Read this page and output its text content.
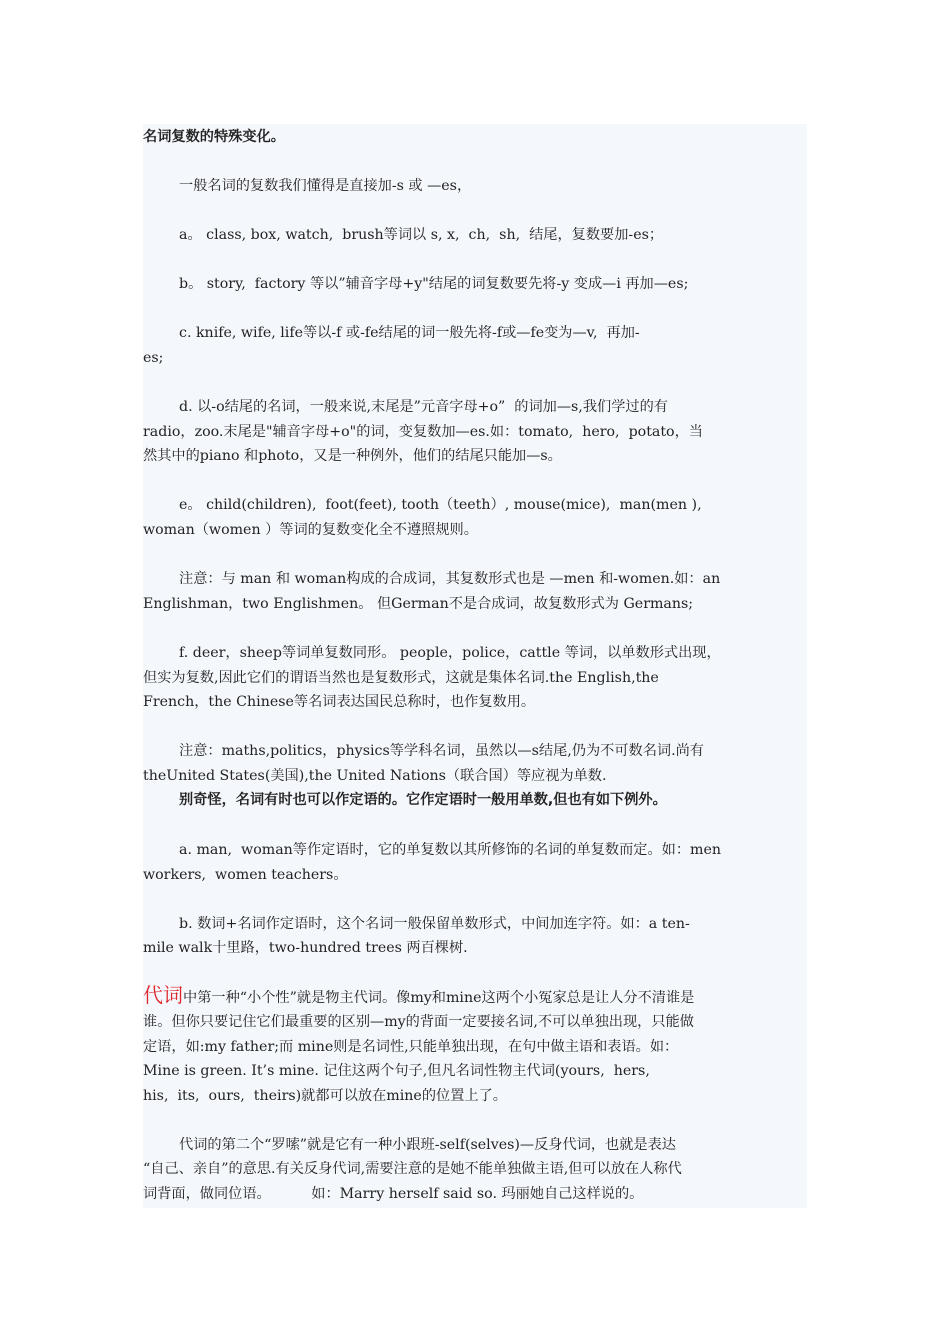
名词复数的特殊变化。
一般名词的复数我们懂得是直接加-s 或 —es，
a。 class, box, watch,  brush等词以 s, x,  ch,  sh,  结尾，复数要加-es；
b。 story,  factory 等以”辅音字母+y"结尾的词复数要先将-y 变成—i 再加—es;
c. knife, wife, life等以-f 或-fe结尾的词一般先将-f或—fe变为—v,  再加-
es;
d. 以-o结尾的名词，一般来说,末尾是”元音字母+o”  的词加—s,我们学过的有
radio，zoo.末尾是"辅音字母+o"的词，变复数加—es.如：tomato,  hero,  potato，当
然其中的piano 和photo，又是一种例外，他们的结尾只能加—s。
e。 child(children),  foot(feet), tooth（teeth）, mouse(mice),  man(men ),
woman（women ）等词的复数变化全不遵照规则。
注意：与 man 和 woman构成的合成词，其复数形式也是 —men 和-women.如：an
Englishman，two Englishmen。 但German不是合成词，故复数形式为 Germans;
f. deer，sheep等词单复数同形。 people，police，cattle 等词，以单数形式出现，
但实为复数,因此它们的谓语当然也是复数形式，这就是集体名词.the English,the
French，the Chinese等名词表达国民总称时，也作复数用。
注意：maths,politics，physics等学科名词，虽然以—s结尾,仍为不可数名词.尚有
theUnited States(美国),the United Nations（联合国）等应视为单数.
别奇怪，名词有时也可以作定语的。它作定语时一般用单数,但也有如下例外。
a. man,  woman等作定语时，它的单复数以其所修饰的名词的单复数而定。如：men
workers,  women teachers。
b. 数词+名词作定语时，这个名词一般保留单数形式，中间加连字符。如：a ten-
mile walk十里路，two-hundred trees 两百棵树.
代词中第一种“小个性”就是物主代词。像my和mine这两个小冤家总是让人分不清谁是
谁。但你只要记住它们最重要的区别—my的背面一定要接名词,不可以单独出现，只能做
定语，如:my father;而 mine则是名词性,只能单独出现，在句中做主语和表语。如：
Mine is green. It’s mine. 记住这两个句子,但凡名词性物主代词(yours,  hers,
his,  its,  ours,  theirs)就都可以放在mine的位置上了。
代词的第二个“罗嗦”就是它有一种小跟班-self(selves)—反身代词，也就是表达
“自己、亲自”的意思.有关反身代词,需要注意的是她不能单独做主语,但可以放在人称代
词背面，做同位语。         如：Marry herself said so. 玛丽她自己这样说的。
